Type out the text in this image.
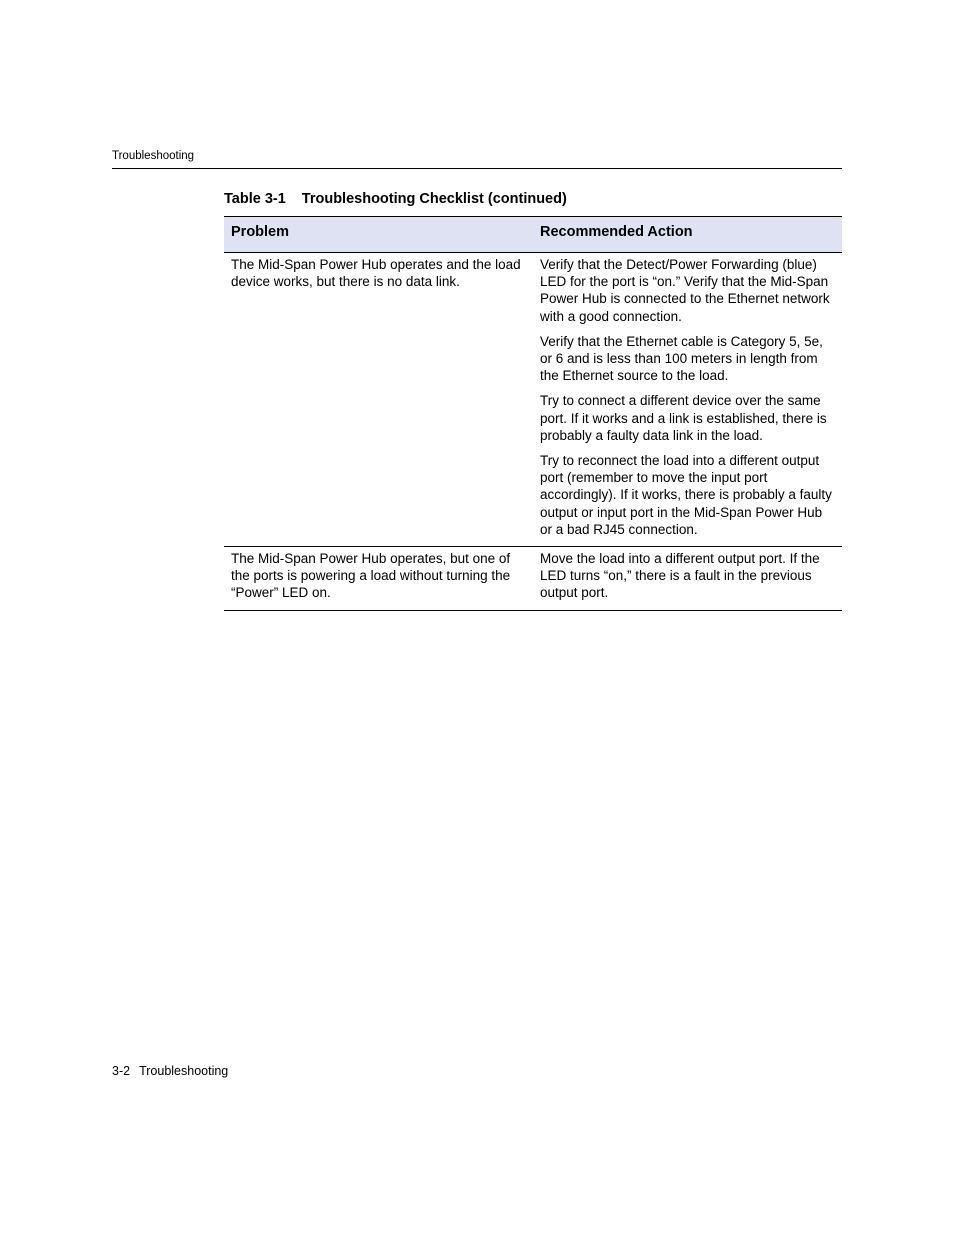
Troubleshooting
Table 3-1 Troubleshooting Checklist (continued)
Problem	Recommended Action
The Mid-Span Power Hub operates and the load device works, but there is no data link.	Verify that the Detect/Power Forwarding (blue) LED for the port is “on.” Verify that the Mid-Span Power Hub is connected to the Ethernet network with a good connection.

Verify that the Ethernet cable is Category 5, 5e, or 6 and is less than 100 meters in length from the Ethernet source to the load.

Try to connect a different device over the same port. If it works and a link is established, there is probably a faulty data link in the load.

Try to reconnect the load into a different output port (remember to move the input port accordingly). If it works, there is probably a faulty output or input port in the Mid-Span Power Hub or a bad RJ45 connection.

The Mid-Span Power Hub operates, but one of the ports is powering a load without turning the “Power” LED on.	Move the load into a different output port. If the LED turns “on,” there is a fault in the previous output port.

3-2 Troubleshooting
